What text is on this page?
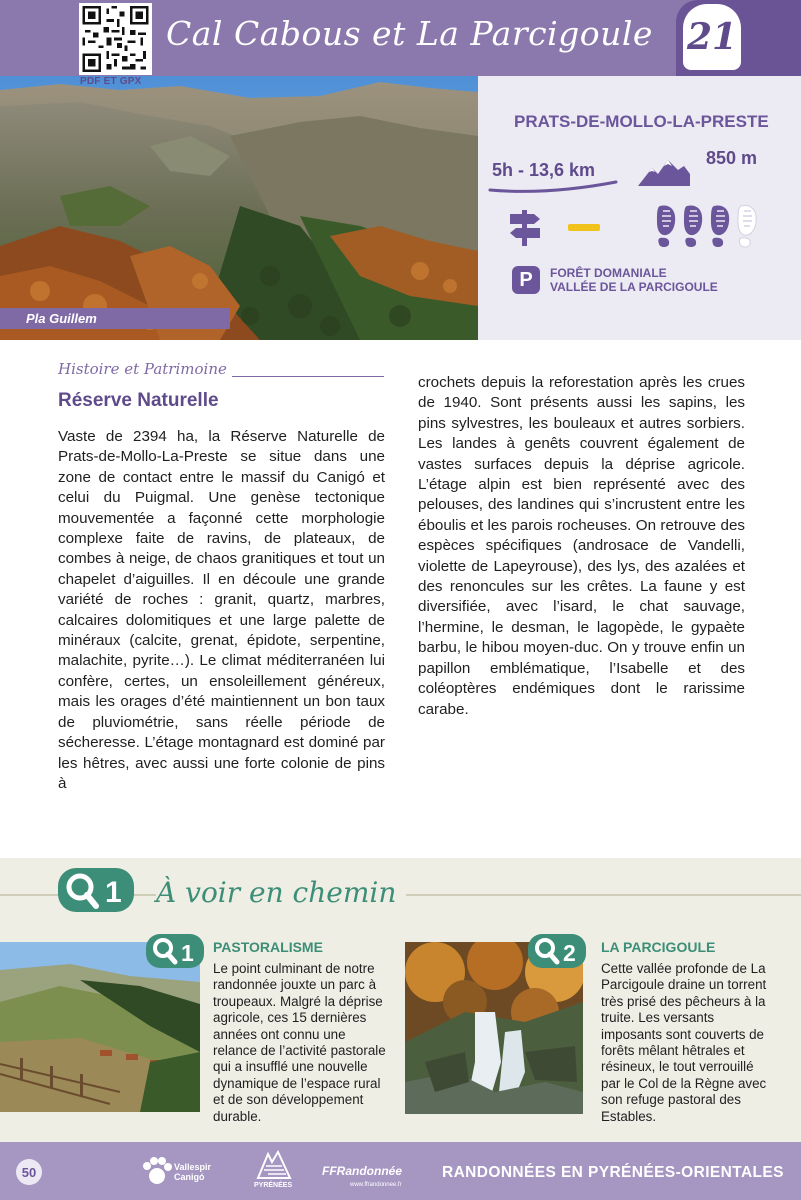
PDF ET GPX
Cal Cabous et La Parcigoule 21
Pla Guillem
PRATS-DE-MOLLO-LA-PRESTE
5h - 13,6 km
850 m
P	FORÊT DOMANIALE
VALLÉE DE LA PARCIGOULE
Histoire et Patrimoine
Réserve Naturelle
Vaste de 2394 ha, la Réserve Naturelle de Prats-de-Mollo-La-Preste se situe dans une zone de contact entre le massif du Canigó et celui du Puigmal. Une genèse tectonique mouvementée a façonné cette morphologie complexe faite de ravins, de plateaux, de combes à neige, de chaos granitiques et tout un chapelet d’aiguilles. Il en découle une grande variété de roches : granit, quartz, marbres, calcaires dolomitiques et une large palette de minéraux (calcite, grenat, épidote, serpentine, malachite, pyrite…). Le climat méditerranéen lui confère, certes, un ensoleillement généreux, mais les orages d’été maintiennent un bon taux de pluviométrie, sans réelle période de sécheresse. L’étage montagnard est dominé par les hêtres, avec aussi une forte colonie de pins à
crochets depuis la reforestation après les crues de 1940. Sont présents aussi les sapins, les pins sylvestres, les bouleaux et autres sorbiers. Les landes à genêts couvrent également de vastes surfaces depuis la déprise agricole. L’étage alpin est bien représenté avec des pelouses, des landines qui s’incrustent entre les éboulis et les parois rocheuses. On retrouve des espèces spécifiques (androsace de Vandelli, violette de Lapeyrouse), des lys, des azalées et des renoncules sur les crêtes. La faune y est diversifiée, avec l’isard, le chat sauvage, l’hermine, le desman, le lagopède, le gypaète barbu, le hibou moyen-duc. On y trouve enfin un papillon emblématique, l’Isabelle et des coléoptères endémiques dont le rarissime carabe.
1 À voir en chemin
1 PASTORALISME
Le point culminant de notre randonnée jouxte un parc à troupeaux. Malgré la déprise agricole, ces 15 dernières années ont connu une relance de l’activité pastorale qui a insufflé une nouvelle dynamique de l’espace rural et de son développement durable.
2 LA PARCIGOULE
Cette vallée profonde de La Parcigoule draine un torrent très prisé des pêcheurs à la truite. Les versants imposants sont couverts de forêts mêlant hêtrales et résineux, le tout verrouillé par le Col de la Règne avec son refuge pastoral des Estables.
50	Vallespir Canigó
PYRÉNÉES
FFRandonnée
www.ffrandonnee.fr
RANDONNÉES EN PYRÉNÉES-ORIENTALES
